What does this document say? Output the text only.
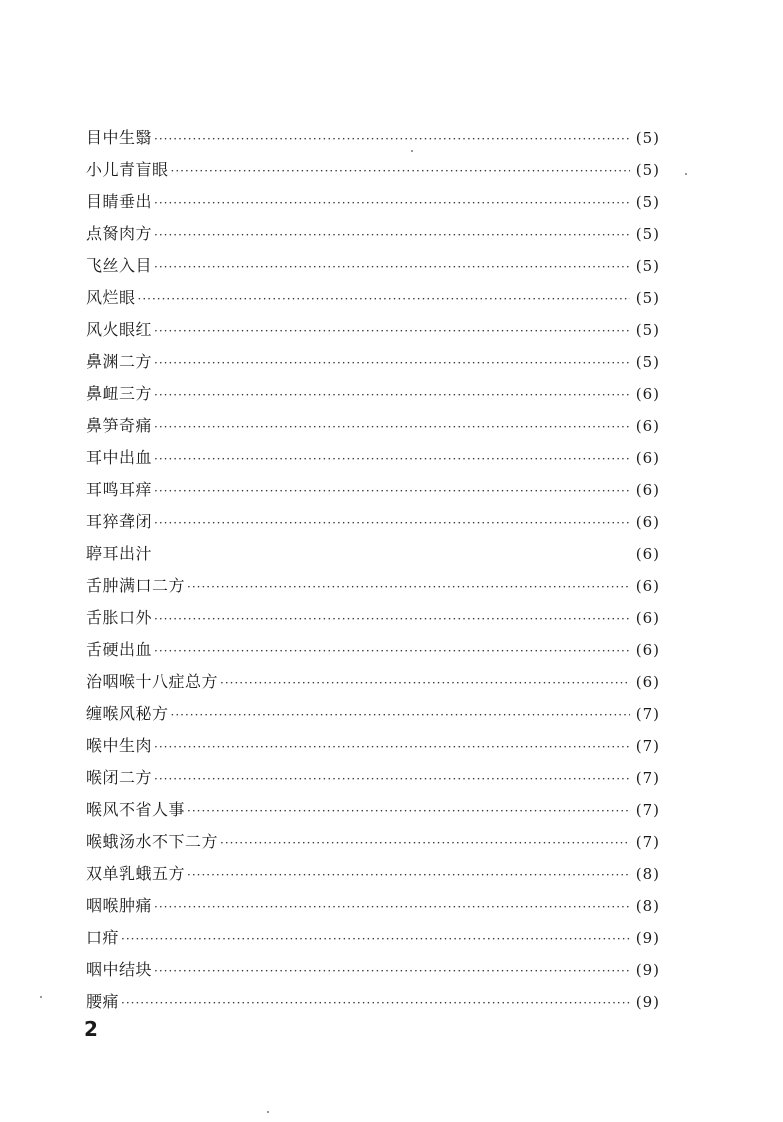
目中生翳 ·····	(5)
小儿青盲眼 ·····	(5)
目睛垂出 ·····	(5)
点胬肉方 ·····	(5)
飞丝入目 ·····	(5)
风烂眼 ·····	(5)
风火眼红 ·····	(5)
鼻渊二方 ·····	(5)
鼻衄三方 ·····	(6)
鼻笋奇痛 ·····	(6)
耳中出血 ·····	(6)
耳鸣耳痒 ·····	(6)
耳猝聋闭 ·····	(6)
聤耳出汁	(6)
舌肿满口二方 ·····	(6)
舌胀口外 ·····	(6)
舌硬出血 ·····	(6)
治咽喉十八症总方 ·····	(6)
缠喉风秘方 ·····	(7)
喉中生肉 ·····	(7)
喉闭二方 ·····	(7)
喉风不省人事 ·····	(7)
喉蛾汤水不下二方 ·····	(7)
双单乳蛾五方 ·····	(8)
咽喉肿痛 ·····	(8)
口疳 ·····	(9)
咽中结块 ·····	(9)
腰痛 ·····	(9)
2
